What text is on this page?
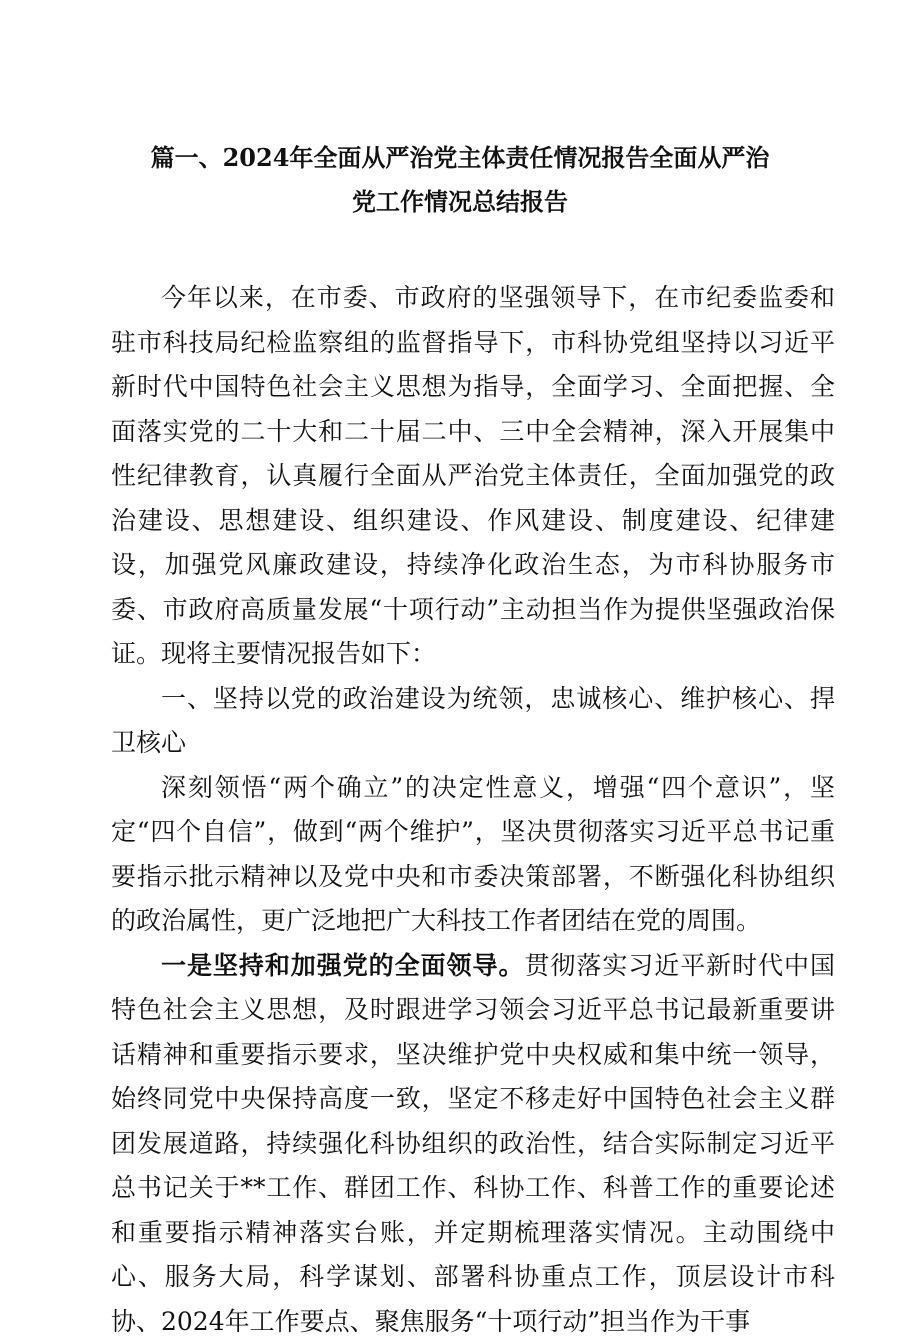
篇一、2024年全面从严治党主体责任情况报告全面从严治
党工作情况总结报告

今年以来，在市委、市政府的坚强领导下，在市纪委监委和驻市科技局纪检监察组的监督指导下，市科协党组坚持以习近平新时代中国特色社会主义思想为指导，全面学习、全面把握、全面落实党的二十大和二十届二中、三中全会精神，深入开展集中性纪律教育，认真履行全面从严治党主体责任，全面加强党的政治建设、思想建设、组织建设、作风建设、制度建设、纪律建设，加强党风廉政建设，持续净化政治生态，为市科协服务市委、市政府高质量发展“十项行动”主动担当作为提供坚强政治保证。现将主要情况报告如下：

一、坚持以党的政治建设为统领，忠诚核心、维护核心、捍卫核心

深刻领悟“两个确立”的决定性意义，增强“四个意识”，坚定“四个自信”，做到“两个维护”，坚决贯彻落实习近平总书记重要指示批示精神以及党中央和市委决策部署，不断强化科协组织的政治属性，更广泛地把广大科技工作者团结在党的周围。

一是坚持和加强党的全面领导。贯彻落实习近平新时代中国特色社会主义思想，及时跟进学习领会习近平总书记最新重要讲话精神和重要指示要求，坚决维护党中央权威和集中统一领导，始终同党中央保持高度一致，坚定不移走好中国特色社会主义群团发展道路，持续强化科协组织的政治性，结合实际制定习近平总书记关于**工作、群团工作、科协工作、科普工作的重要论述和重要指示精神落实台账，并定期梳理落实情况。主动围绕中心、服务大局，科学谋划、部署科协重点工作，顶层设计市科协、2024年工作要点、聚焦服务“十项行动”担当作为干事
